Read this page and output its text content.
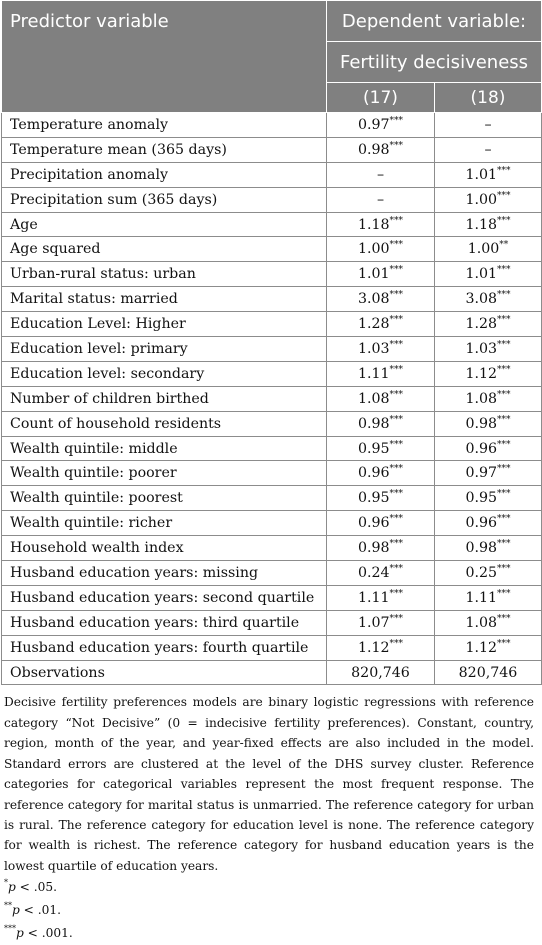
Predictor variable	Dependent variable:	
	Fertility decisiveness	
	(17)	(18)
Temperature anomaly	0.97***	–
Temperature mean (365 days)	0.98***	–
Precipitation anomaly	–	1.01***
Precipitation sum (365 days)	–	1.00***
Age	1.18***	1.18***
Age squared	1.00***	1.00**
Urban-rural status: urban	1.01***	1.01***
Marital status: married	3.08***	3.08***
Education Level: Higher	1.28***	1.28***
Education level: primary	1.03***	1.03***
Education level: secondary	1.11***	1.12***
Number of children birthed	1.08***	1.08***
Count of household residents	0.98***	0.98***
Wealth quintile: middle	0.95***	0.96***
Wealth quintile: poorer	0.96***	0.97***
Wealth quintile: poorest	0.95***	0.95***
Wealth quintile: richer	0.96***	0.96***
Household wealth index	0.98***	0.98***
Husband education years: missing	0.24***	0.25***
Husband education years: second quartile	1.11***	1.11***
Husband education years: third quartile	1.07***	1.08***
Husband education years: fourth quartile	1.12***	1.12***
Observations	820,746	820,746
Decisive fertility preferences models are binary logistic regressions with reference category “Not Decisive” (0 = indecisive fertility preferences). Constant, country, region, month of the year, and year-fixed effects are also included in the model. Standard errors are clustered at the level of the DHS survey cluster. Reference categories for categorical variables represent the most frequent response. The reference category for marital status is unmarried. The reference category for urban is rural. The reference category for education level is none. The reference category for wealth is richest. The reference category for husband education years is the lowest quartile of education years.
*p < .05.
**p < .01.
***p < .001.
